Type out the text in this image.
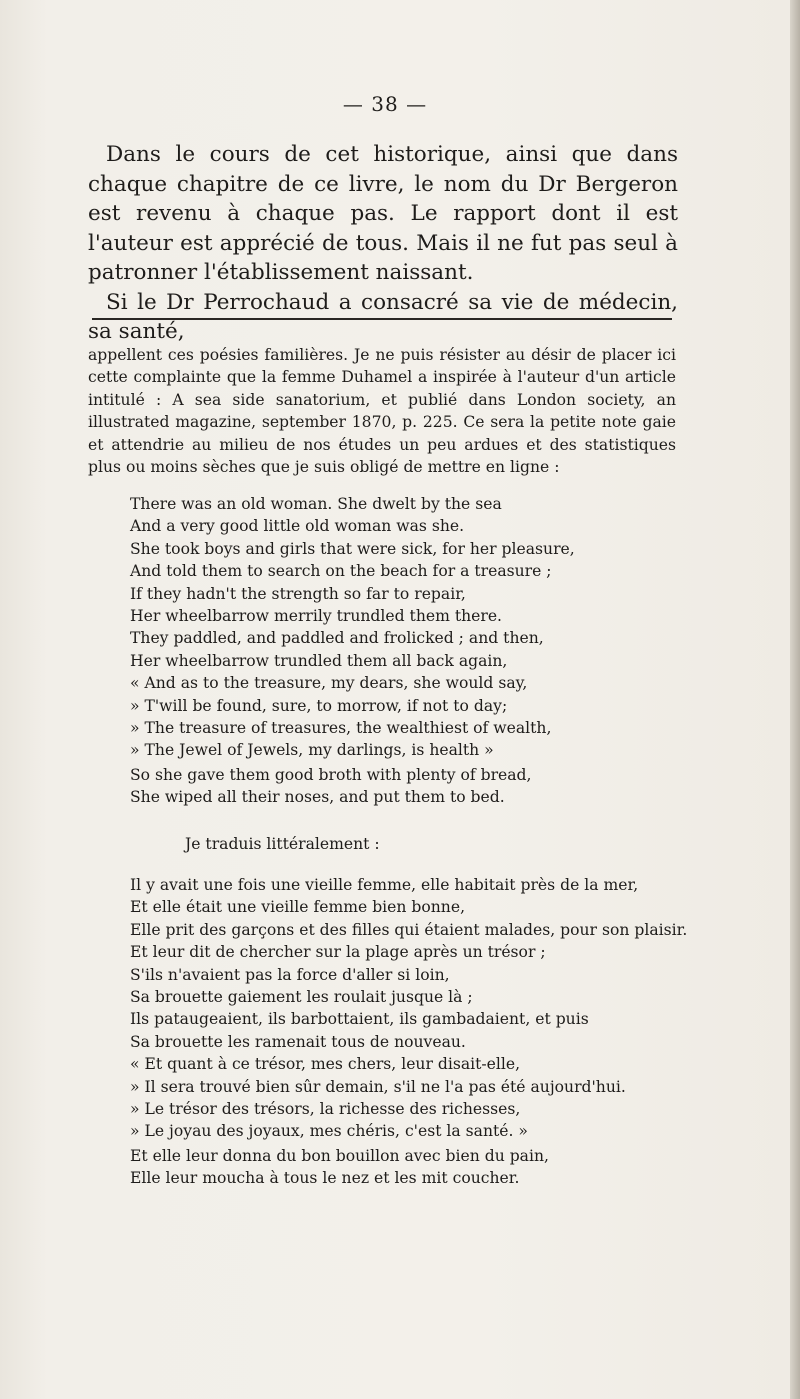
— 38 —

Dans le cours de cet historique, ainsi que dans chaque chapitre de ce livre, le nom du Dr Bergeron est revenu à chaque pas. Le rapport dont il est l'auteur est apprécié de tous. Mais il ne fut pas seul à patronner l'établissement naissant.

Si le Dr Perrochaud a consacré sa vie de médecin, sa santé,

appellent ces poésies familières. Je ne puis résister au désir de placer ici cette complainte que la femme Duhamel a inspirée à l'auteur d'un article intitulé : A sea side sanatorium, et publié dans London society, an illustrated magazine, september 1870, p. 225. Ce sera la petite note gaie et attendrie au milieu de nos études un peu ardues et des statistiques plus ou moins sèches que je suis obligé de mettre en ligne :

There was an old woman. She dwelt by the sea
And a very good little old woman was she.
She took boys and girls that were sick, for her pleasure,
And told them to search on the beach for a treasure ;
If they hadn't the strength so far to repair,
Her wheelbarrow merrily trundled them there.
They paddled, and paddled and frolicked ; and then,
Her wheelbarrow trundled them all back again,
« And as to the treasure, my dears, she would say,
» T'will be found, sure, to morrow, if not to day;
» The treasure of treasures, the wealthiest of wealth,
» The Jewel of Jewels, my darlings, is health »
So she gave them good broth with plenty of bread,
She wiped all their noses, and put them to bed.
Je traduis littéralement :
Il y avait une fois une vieille femme, elle habitait près de la mer,
Et elle était une vieille femme bien bonne,
Elle prit des garçons et des filles qui étaient malades, pour son plaisir.
Et leur dit de chercher sur la plage après un trésor ;
S'ils n'avaient pas la force d'aller si loin,
Sa brouette gaiement les roulait jusque là ;
Ils pataugeaient, ils barbottaient, ils gambadaient, et puis
Sa brouette les ramenait tous de nouveau.
« Et quant à ce trésor, mes chers, leur disait-elle,
» Il sera trouvé bien sûr demain, s'il ne l'a pas été aujourd'hui.
» Le trésor des trésors, la richesse des richesses,
» Le joyau des joyaux, mes chéris, c'est la santé. »
Et elle leur donna du bon bouillon avec bien du pain,
Elle leur moucha à tous le nez et les mit coucher.
